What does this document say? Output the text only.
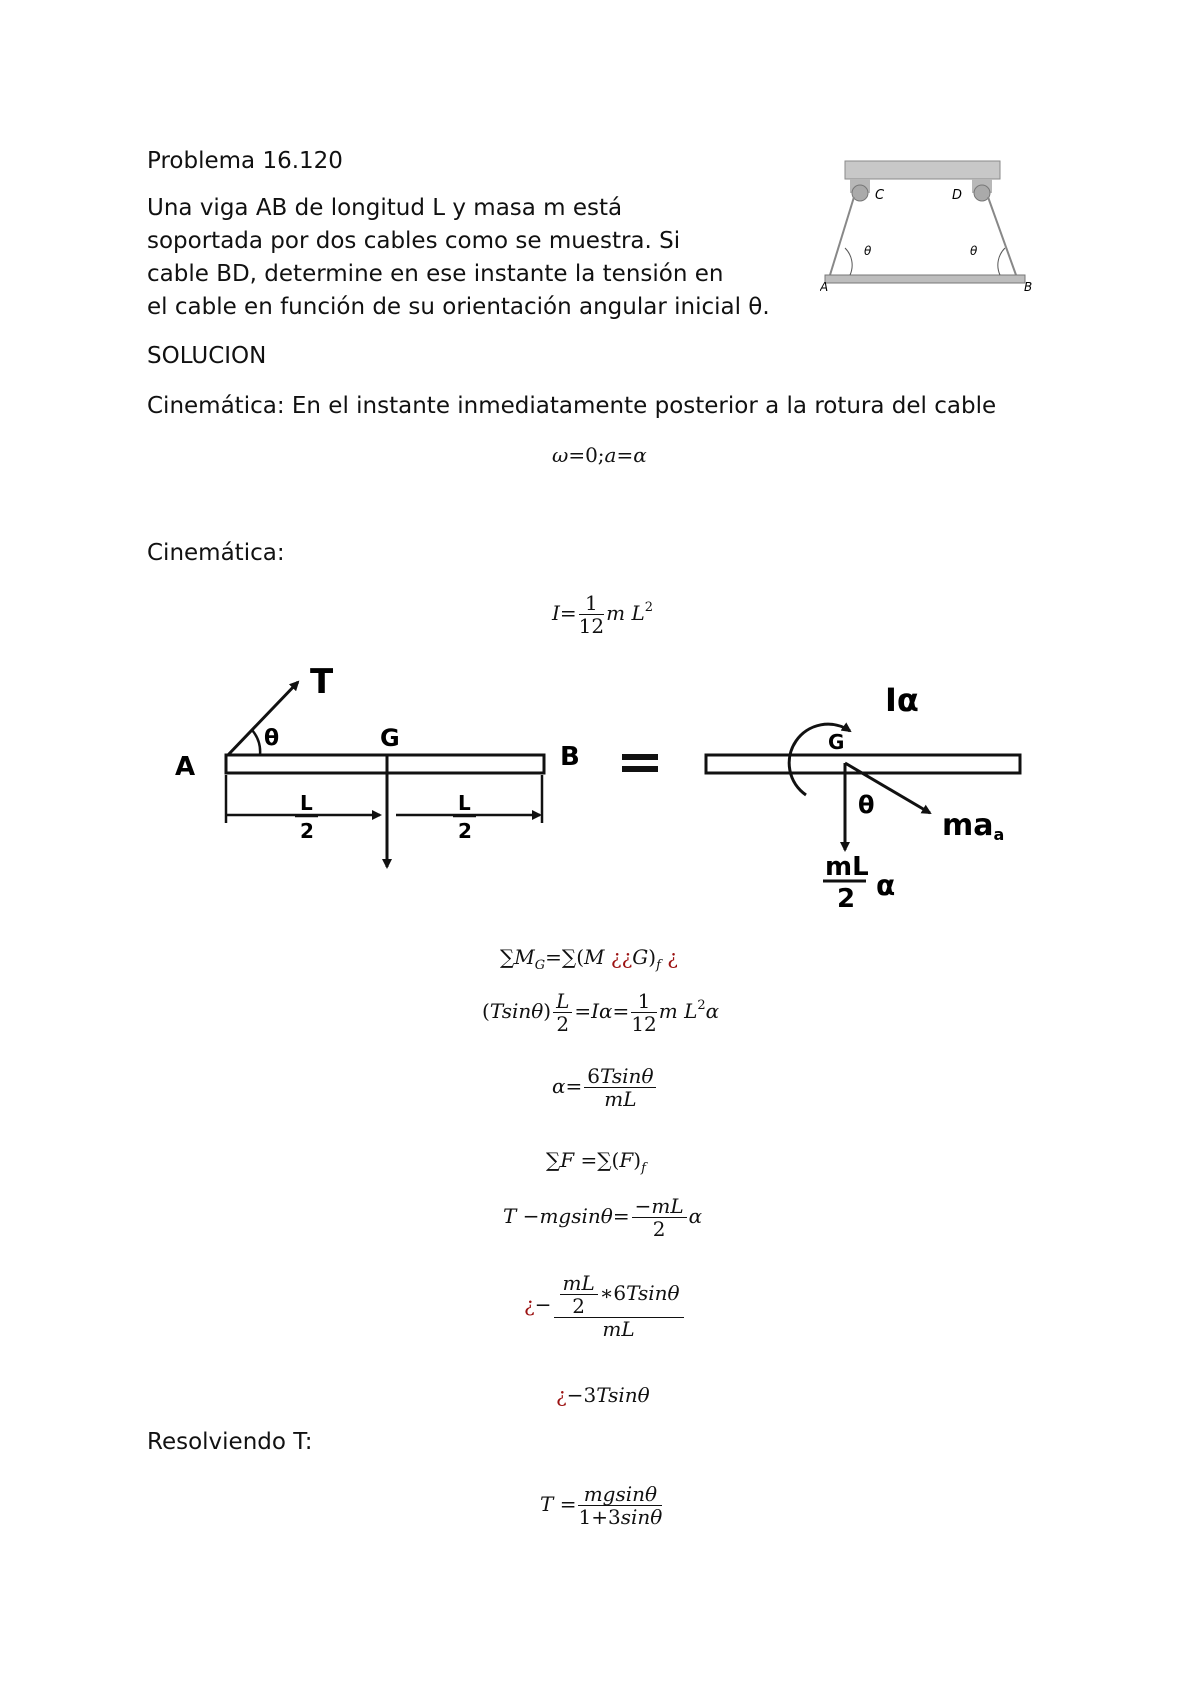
Problema 16.120
Una viga AB de longitud L y masa m está
soportada por dos cables como se muestra. Si
cable BD, determine en ese instante la tensión en
el cable en función de su orientación angular inicial θ.
SOLUCION
Cinemática: En el instante inmediatamente posterior a la rotura del cable
Cinemática:
Resolviendo T:
C	D
θ	θ
A	B
ω=0;a=α
$I= \frac{1}{12}$ m $L^2$
T
θ
A
G
B
L
2
L
2
Iα
G
θ
maa
mL
2 α
$\sum M_G=\sum(M$ ¿¿$G)_f$ ¿
$(Tsin\theta) \frac{L}{2} =I\alpha= \frac{1}{12}$ m $L^2\alpha$
$\alpha= \frac{6Tsin\theta}{mL}$
$\sum F =\sum(F)_f$
$T -mgsin\theta= \frac{-mL}{2}$ α
¿− $\frac{\frac{mL}{2} ∗6Tsin\theta}{mL}$
¿−3Tsinθ
$T = \frac{mgsin\theta}{1+3\sin\theta}$
